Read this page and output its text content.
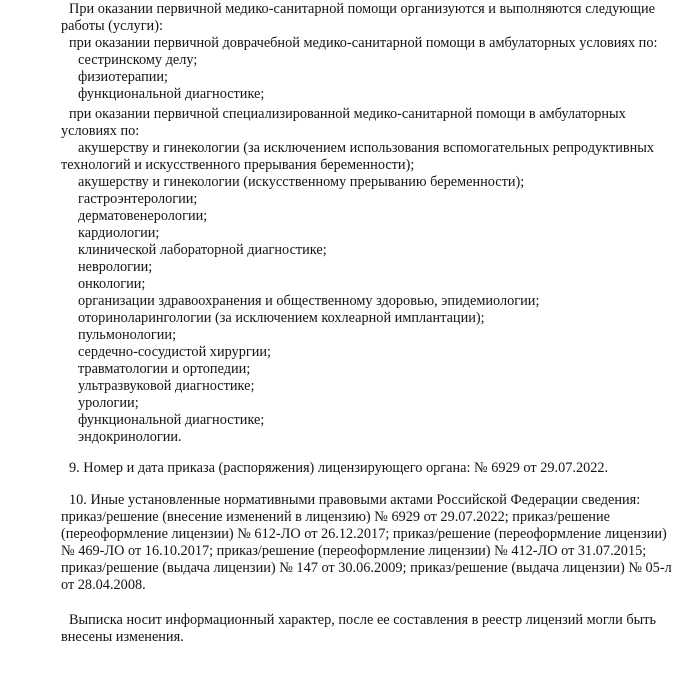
При оказании первичной медико-санитарной помощи организуются и выполняются следующие работы (услуги):

при оказании первичной доврачебной медико-санитарной помощи в амбулаторных условиях по:

сестринскому делу;

физиотерапии;

функциональной диагностике;

при оказании первичной специализированной медико-санитарной помощи в амбулаторных условиях по:

акушерству и гинекологии (за исключением использования вспомогательных репродуктивных технологий и искусственного прерывания беременности);

акушерству и гинекологии (искусственному прерыванию беременности);

гастроэнтерологии;

дерматовенерологии;

кардиологии;

клинической лабораторной диагностике;

неврологии;

онкологии;

организации здравоохранения и общественному здоровью, эпидемиологии;

оториноларингологии (за исключением кохлеарной имплантации);

пульмонологии;

сердечно-сосудистой хирургии;

травматологии и ортопедии;

ультразвуковой диагностике;

урологии;

функциональной диагностике;

эндокринологии.

9. Номер и дата приказа (распоряжения) лицензирующего органа: № 6929 от 29.07.2022.

10. Иные установленные нормативными правовыми актами Российской Федерации сведения: приказ/решение (внесение изменений в лицензию) № 6929 от 29.07.2022; приказ/решение (переоформление лицензии) № 612-ЛО от 26.12.2017; приказ/решение (переоформление лицензии) № 469-ЛО от 16.10.2017; приказ/решение (переоформление лицензии) № 412-ЛО от 31.07.2015; приказ/решение (выдача лицензии) № 147 от 30.06.2009; приказ/решение (выдача лицензии) № 05-л от 28.04.2008.

Выписка носит информационный характер, после ее составления в реестр лицензий могли быть внесены изменения.
